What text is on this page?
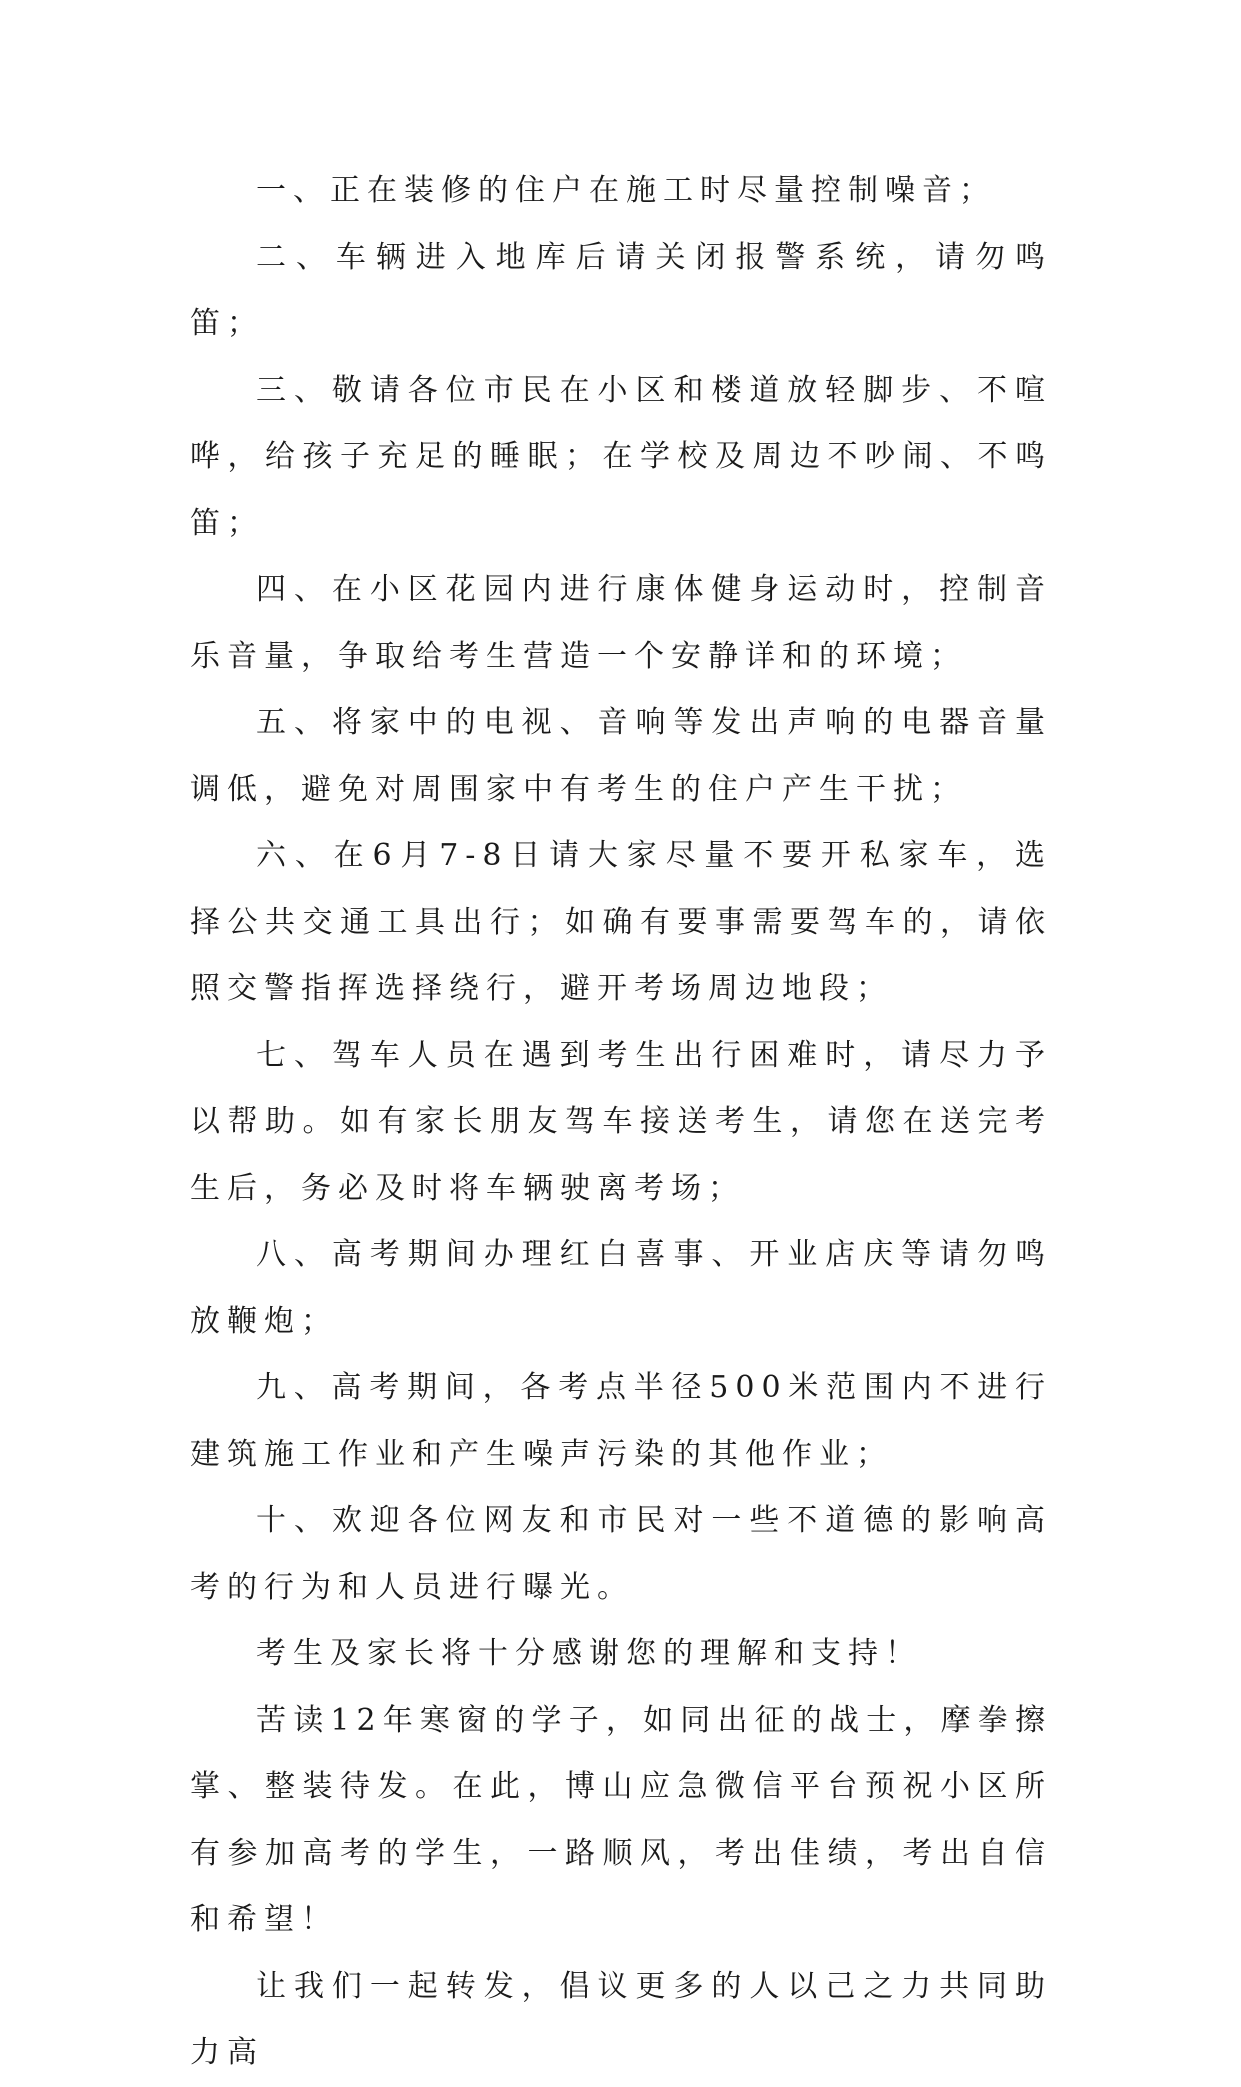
一、正在装修的住户在施工时尽量控制噪音；

二、车辆进入地库后请关闭报警系统，请勿鸣笛；

三、敬请各位市民在小区和楼道放轻脚步、不喧哗，给孩子充足的睡眠；在学校及周边不吵闹、不鸣笛；

四、在小区花园内进行康体健身运动时，控制音乐音量，争取给考生营造一个安静详和的环境；

五、将家中的电视、音响等发出声响的电器音量调低，避免对周围家中有考生的住户产生干扰；

六、在6月7-8日请大家尽量不要开私家车，选择公共交通工具出行；如确有要事需要驾车的，请依照交警指挥选择绕行，避开考场周边地段；

七、驾车人员在遇到考生出行困难时，请尽力予以帮助。如有家长朋友驾车接送考生，请您在送完考生后，务必及时将车辆驶离考场；

八、高考期间办理红白喜事、开业店庆等请勿鸣放鞭炮；

九、高考期间，各考点半径500米范围内不进行建筑施工作业和产生噪声污染的其他作业；

十、欢迎各位网友和市民对一些不道德的影响高考的行为和人员进行曝光。

考生及家长将十分感谢您的理解和支持！

苦读12年寒窗的学子，如同出征的战士，摩拳擦掌、整装待发。在此，博山应急微信平台预祝小区所有参加高考的学生，一路顺风，考出佳绩，考出自信和希望！

让我们一起转发，倡议更多的人以己之力共同助力高
